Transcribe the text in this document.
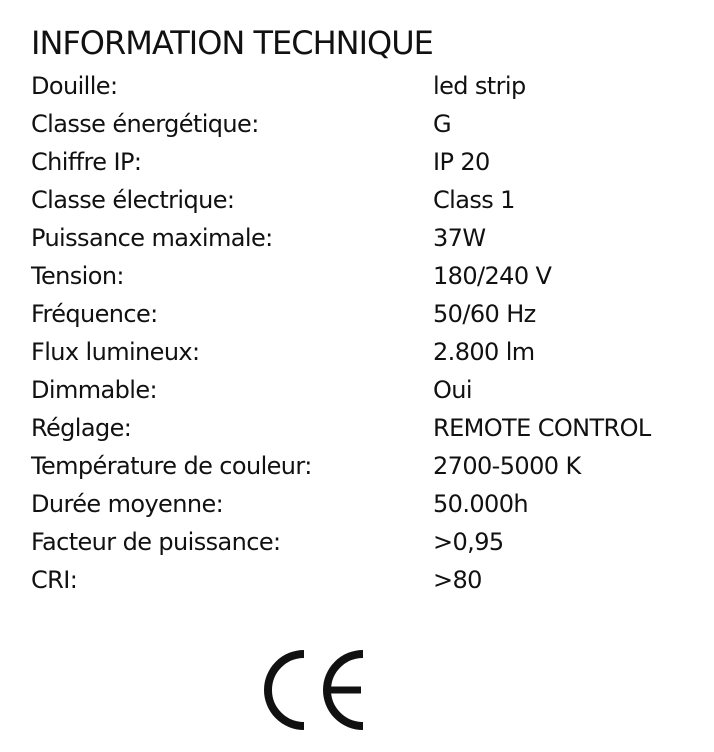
INFORMATION TECHNIQUE
Douille:	led strip
Classe énergétique:	G
Chiffre IP:	IP 20
Classe électrique:	Class 1
Puissance maximale:	37W
Tension:	180/240 V
Fréquence:	50/60 Hz
Flux lumineux:	2.800 lm
Dimmable:	Oui
Réglage:	REMOTE CONTROL
Température de couleur:	2700-5000 K
Durée moyenne:	50.000h
Facteur de puissance:	>0,95
CRI:	>80
